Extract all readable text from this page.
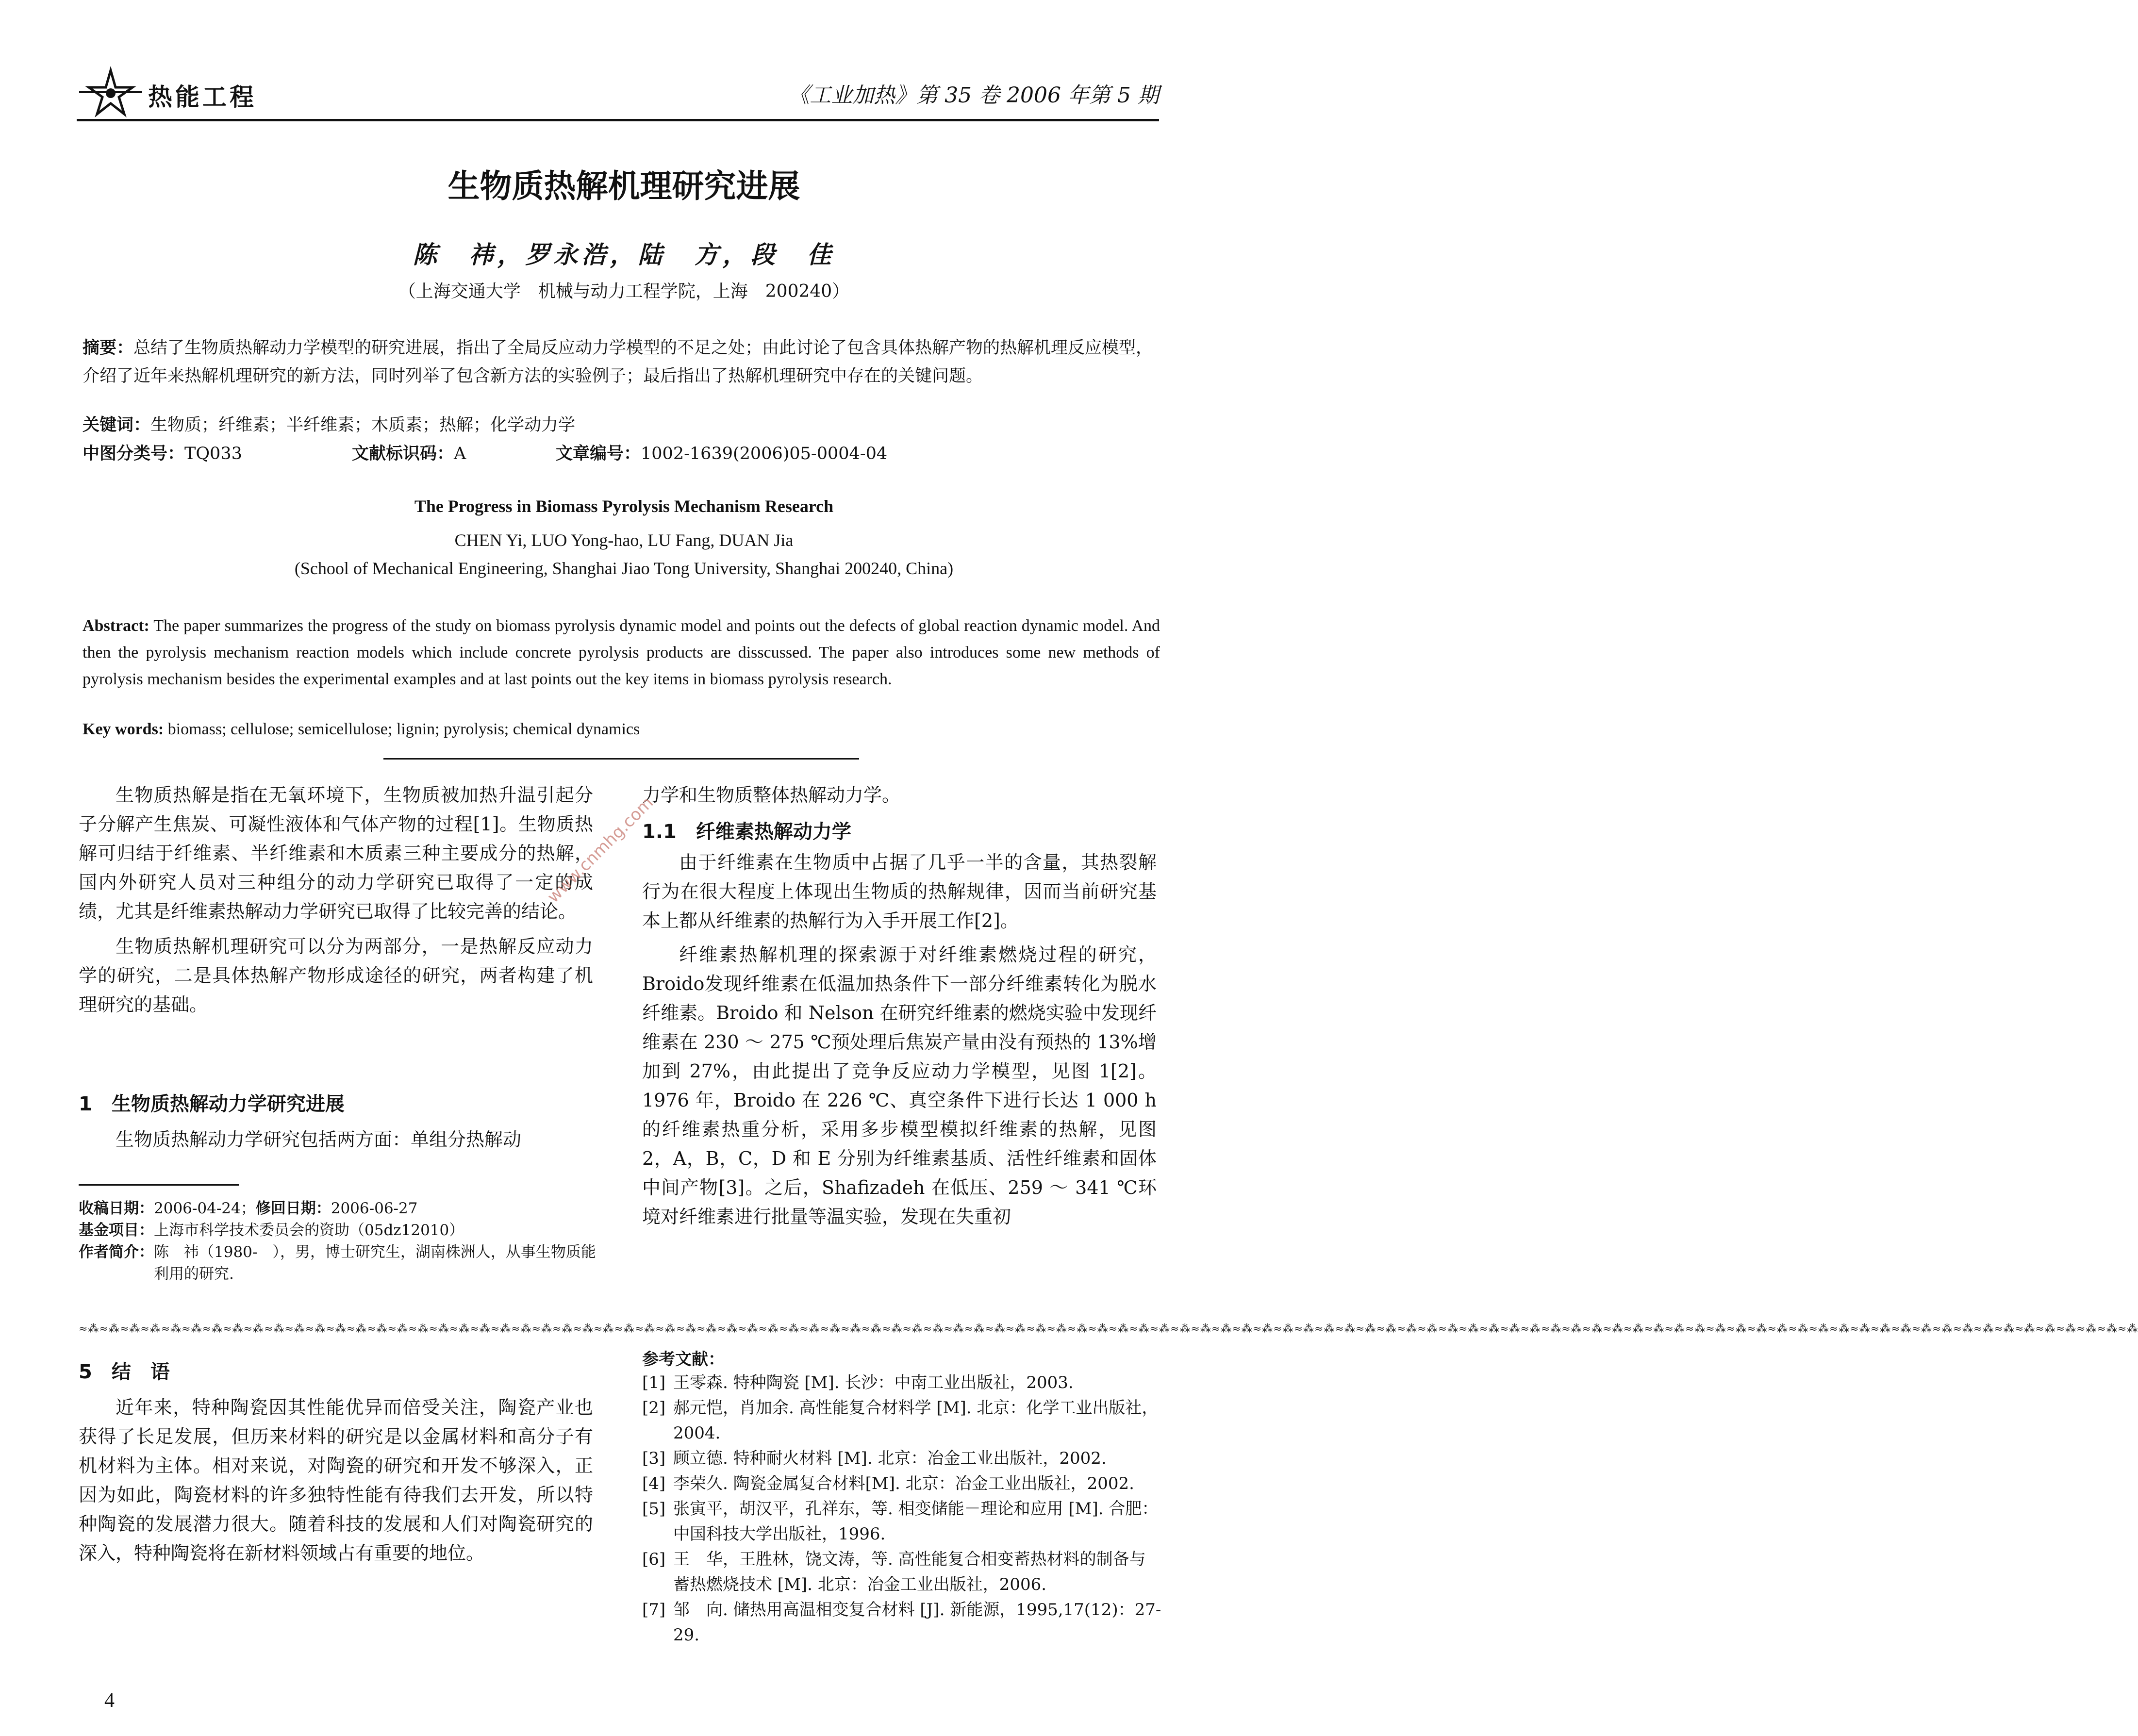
热能工程	《工业加热》第 35 卷 2006 年第 5 期
生物质热解机理研究进展
陈　祎，罗永浩，陆　方，段　佳
（上海交通大学　机械与动力工程学院，上海　200240）
摘要：总结了生物质热解动力学模型的研究进展，指出了全局反应动力学模型的不足之处；由此讨论了包含具体热解产物的热解机理反应模型，介绍了近年来热解机理研究的新方法，同时列举了包含新方法的实验例子；最后指出了热解机理研究中存在的关键问题。
关键词：生物质；纤维素；半纤维素；木质素；热解；化学动力学
中图分类号：TQ033	文献标识码：A	文章编号：1002-1639(2006)05-0004-04
The Progress in Biomass Pyrolysis Mechanism Research
CHEN Yi, LUO Yong-hao, LU Fang, DUAN Jia
(School of Mechanical Engineering, Shanghai Jiao Tong University, Shanghai 200240, China)
Abstract: The paper summarizes the progress of the study on biomass pyrolysis dynamic model and points out the defects of global reaction dynamic model. And then the pyrolysis mechanism reaction models which include concrete pyrolysis products are disscussed. The paper also introduces some new methods of pyrolysis mechanism besides the experimental examples and at last points out the key items in biomass pyrolysis research.
Key words: biomass; cellulose; semicellulose; lignin; pyrolysis; chemical dynamics

生物质热解是指在无氧环境下，生物质被加热升温引起分子分解产生焦炭、可凝性液体和气体产物的过程[1]。生物质热解可归结于纤维素、半纤维素和木质素三种主要成分的热解，国内外研究人员对三种组分的动力学研究已取得了一定的成绩，尤其是纤维素热解动力学研究已取得了比较完善的结论。

生物质热解机理研究可以分为两部分，一是热解反应动力学的研究，二是具体热解产物形成途径的研究，两者构建了机理研究的基础。

1　生物质热解动力学研究进展

生物质热解动力学研究包括两方面：单组分热解动

收稿日期：2006-04-24；修回日期：2006-06-27
基金项目：上海市科学技术委员会的资助（05dz12010）
作者简介： 陈　祎（1980-　），男，博士研究生，湖南株洲人，从事生物质能利用的研究.
力学和生物质整体热解动力学。
1.1　纤维素热解动力学

由于纤维素在生物质中占据了几乎一半的含量，其热裂解行为在很大程度上体现出生物质的热解规律，因而当前研究基本上都从纤维素的热解行为入手开展工作[2]。

纤维素热解机理的探索源于对纤维素燃烧过程的研究，Broido发现纤维素在低温加热条件下一部分纤维素转化为脱水纤维素。Broido 和 Nelson 在研究纤维素的燃烧实验中发现纤维素在 230 ～ 275 ℃预处理后焦炭产量由没有预热的 13%增加到 27%，由此提出了竞争反应动力学模型，见图 1[2]。1976 年，Broido 在 226 ℃、真空条件下进行长达 1 000 h 的纤维素热重分析，采用多步模型模拟纤维素的热解，见图 2，A，B，C，D 和 E 分别为纤维素基质、活性纤维素和固体中间产物[3]。之后，Shafizadeh 在低压、259 ～ 341 ℃环境对纤维素进行批量等温实验，发现在失重初

www.cnmhg.com
≈⁂≈⁂≈⁂≈⁂≈⁂≈⁂≈⁂≈⁂≈⁂≈⁂≈⁂≈⁂≈⁂≈⁂≈⁂≈⁂≈⁂≈⁂≈⁂≈⁂≈⁂≈⁂≈⁂≈⁂≈⁂≈⁂≈⁂≈⁂≈⁂≈⁂≈⁂≈⁂≈⁂≈⁂≈⁂≈⁂≈⁂≈⁂≈⁂≈⁂≈⁂≈⁂≈⁂≈⁂≈⁂≈⁂≈⁂≈⁂≈⁂≈⁂≈⁂≈⁂≈⁂≈⁂≈⁂≈⁂≈⁂≈⁂≈⁂≈⁂≈⁂≈⁂≈⁂≈⁂≈⁂≈⁂≈⁂≈⁂≈⁂≈⁂≈⁂≈⁂≈⁂≈⁂≈⁂≈⁂≈⁂≈⁂≈⁂≈⁂≈⁂≈⁂≈⁂≈⁂≈⁂≈⁂≈⁂≈⁂≈⁂≈⁂≈⁂≈⁂≈⁂≈⁂≈⁂≈⁂≈⁂≈⁂≈⁂≈⁂
5　结　语

近年来，特种陶瓷因其性能优异而倍受关注，陶瓷产业也获得了长足发展，但历来材料的研究是以金属材料和高分子有机材料为主体。相对来说，对陶瓷的研究和开发不够深入，正因为如此，陶瓷材料的许多独特性能有待我们去开发，所以特种陶瓷的发展潜力很大。随着科技的发展和人们对陶瓷研究的深入，特种陶瓷将在新材料领域占有重要的地位。

参考文献：
[1] 王零森. 特种陶瓷 [M]. 长沙：中南工业出版社，2003.
[2] 郝元恺，肖加余. 高性能复合材料学 [M]. 北京：化学工业出版社，2004.
[3] 顾立德. 特种耐火材料 [M]. 北京：冶金工业出版社，2002.
[4] 李荣久. 陶瓷金属复合材料[M]. 北京：冶金工业出版社，2002.
[5] 张寅平，胡汉平，孔祥东，等. 相变储能－理论和应用 [M]. 合肥：中国科技大学出版社，1996.
[6] 王　华，王胜林，饶文涛，等. 高性能复合相变蓄热材料的制备与蓄热燃烧技术 [M]. 北京：冶金工业出版社，2006.
[7] 邹　向. 储热用高温相变复合材料 [J]. 新能源，1995,17(12)：27-29.
4
